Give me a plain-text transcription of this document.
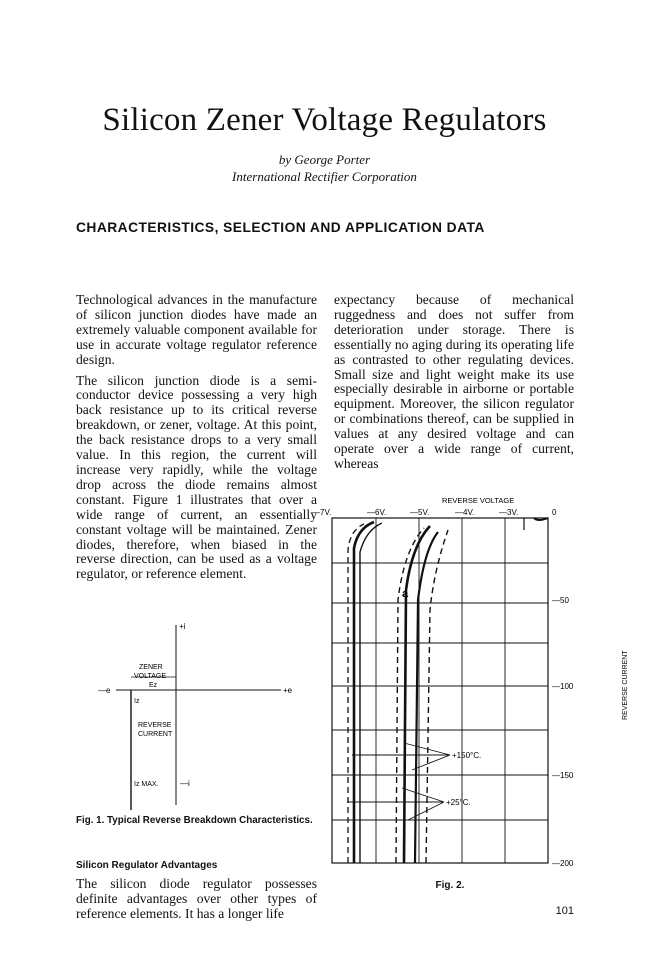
Silicon Zener Voltage Regulators
by George Porter
International Rectifier Corporation
CHARACTERISTICS, SELECTION AND APPLICATION DATA

Technological advances in the manufacture of silicon junction diodes have made an extremely valuable component available for use in accurate voltage regulator reference design.

The silicon junction diode is a semi-conductor device possessing a very high back resistance up to its critical reverse breakdown, or zener, voltage. At this point, the back resistance drops to a very small value. In this region, the current will increase very rapidly, while the voltage drop across the diode remains almost constant. Figure 1 illustrates that over a wide range of current, an essentially constant voltage will be maintained. Zener diodes, therefore, when biased in the reverse direction, can be used as a voltage regulator, or reference element.

expectancy because of mechanical ruggedness and does not suffer from deterioration under storage. There is essentially no aging during its operating life as contrasted to other regulating devices. Small size and light weight make its use especially desirable in airborne or portable equipment. Moreover, the silicon regulator or combinations thereof, can be supplied in values at any desired voltage and can operate over a wide range of current, whereas

+i
ZENER
VOLTAGE
Ez
—e	+e
Iz
REVERSE
CURRENT
Iz MAX.	—i
Fig. 1. Typical Reverse Breakdown Characteristics.
Silicon Regulator Advantages
The silicon diode regulator possesses definite advantages over other types of reference elements. It has a longer life
REVERSE VOLTAGE
—7V.	—6V.	—5V.	—4V.	—3V.	0
a
+150°C.
+25°C.
—50
—100
—150
—200
REVERSE CURRENT
Fig. 2.
101
